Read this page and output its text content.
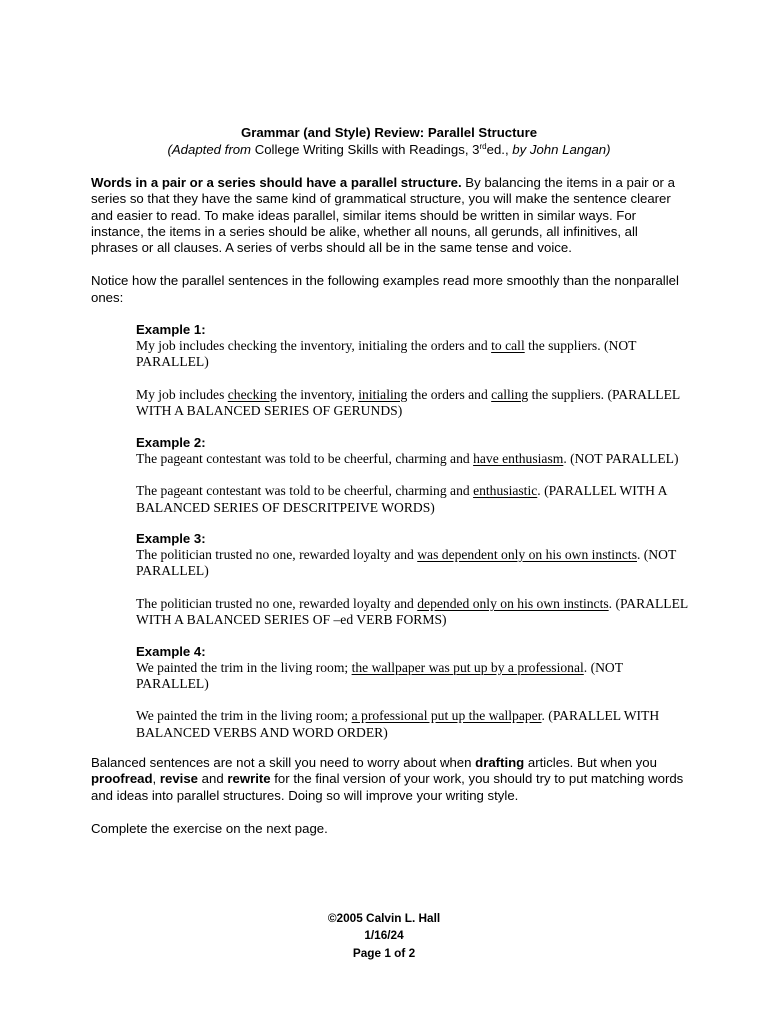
Grammar (and Style) Review: Parallel Structure
(Adapted from College Writing Skills with Readings, 3rded., by John Langan)

Words in a pair or a series should have a parallel structure. By balancing the items in a pair or a series so that they have the same kind of grammatical structure, you will make the sentence clearer and easier to read. To make ideas parallel, similar items should be written in similar ways. For instance, the items in a series should be alike, whether all nouns, all gerunds, all infinitives, all phrases or all clauses. A series of verbs should all be in the same tense and voice.

Notice how the parallel sentences in the following examples read more smoothly than the nonparallel ones:

Example 1:
My job includes checking the inventory, initialing the orders and to call the suppliers. (NOT PARALLEL)
My job includes checking the inventory, initialing the orders and calling the suppliers. (PARALLEL WITH A BALANCED SERIES OF GERUNDS)
Example 2:
The pageant contestant was told to be cheerful, charming and have enthusiasm. (NOT PARALLEL)
The pageant contestant was told to be cheerful, charming and enthusiastic. (PARALLEL WITH A BALANCED SERIES OF DESCRITPEIVE WORDS)
Example 3:
The politician trusted no one, rewarded loyalty and was dependent only on his own instincts. (NOT PARALLEL)
The politician trusted no one, rewarded loyalty and depended only on his own instincts. (PARALLEL WITH A BALANCED SERIES OF –ed VERB FORMS)
Example 4:
We painted the trim in the living room; the wallpaper was put up by a professional. (NOT PARALLEL)
We painted the trim in the living room; a professional put up the wallpaper. (PARALLEL WITH BALANCED VERBS AND WORD ORDER)

Balanced sentences are not a skill you need to worry about when drafting articles. But when you proofread, revise and rewrite for the final version of your work, you should try to put matching words and ideas into parallel structures. Doing so will improve your writing style.

Complete the exercise on the next page.

©2005 Calvin L. Hall
1/16/24
Page 1 of 2
